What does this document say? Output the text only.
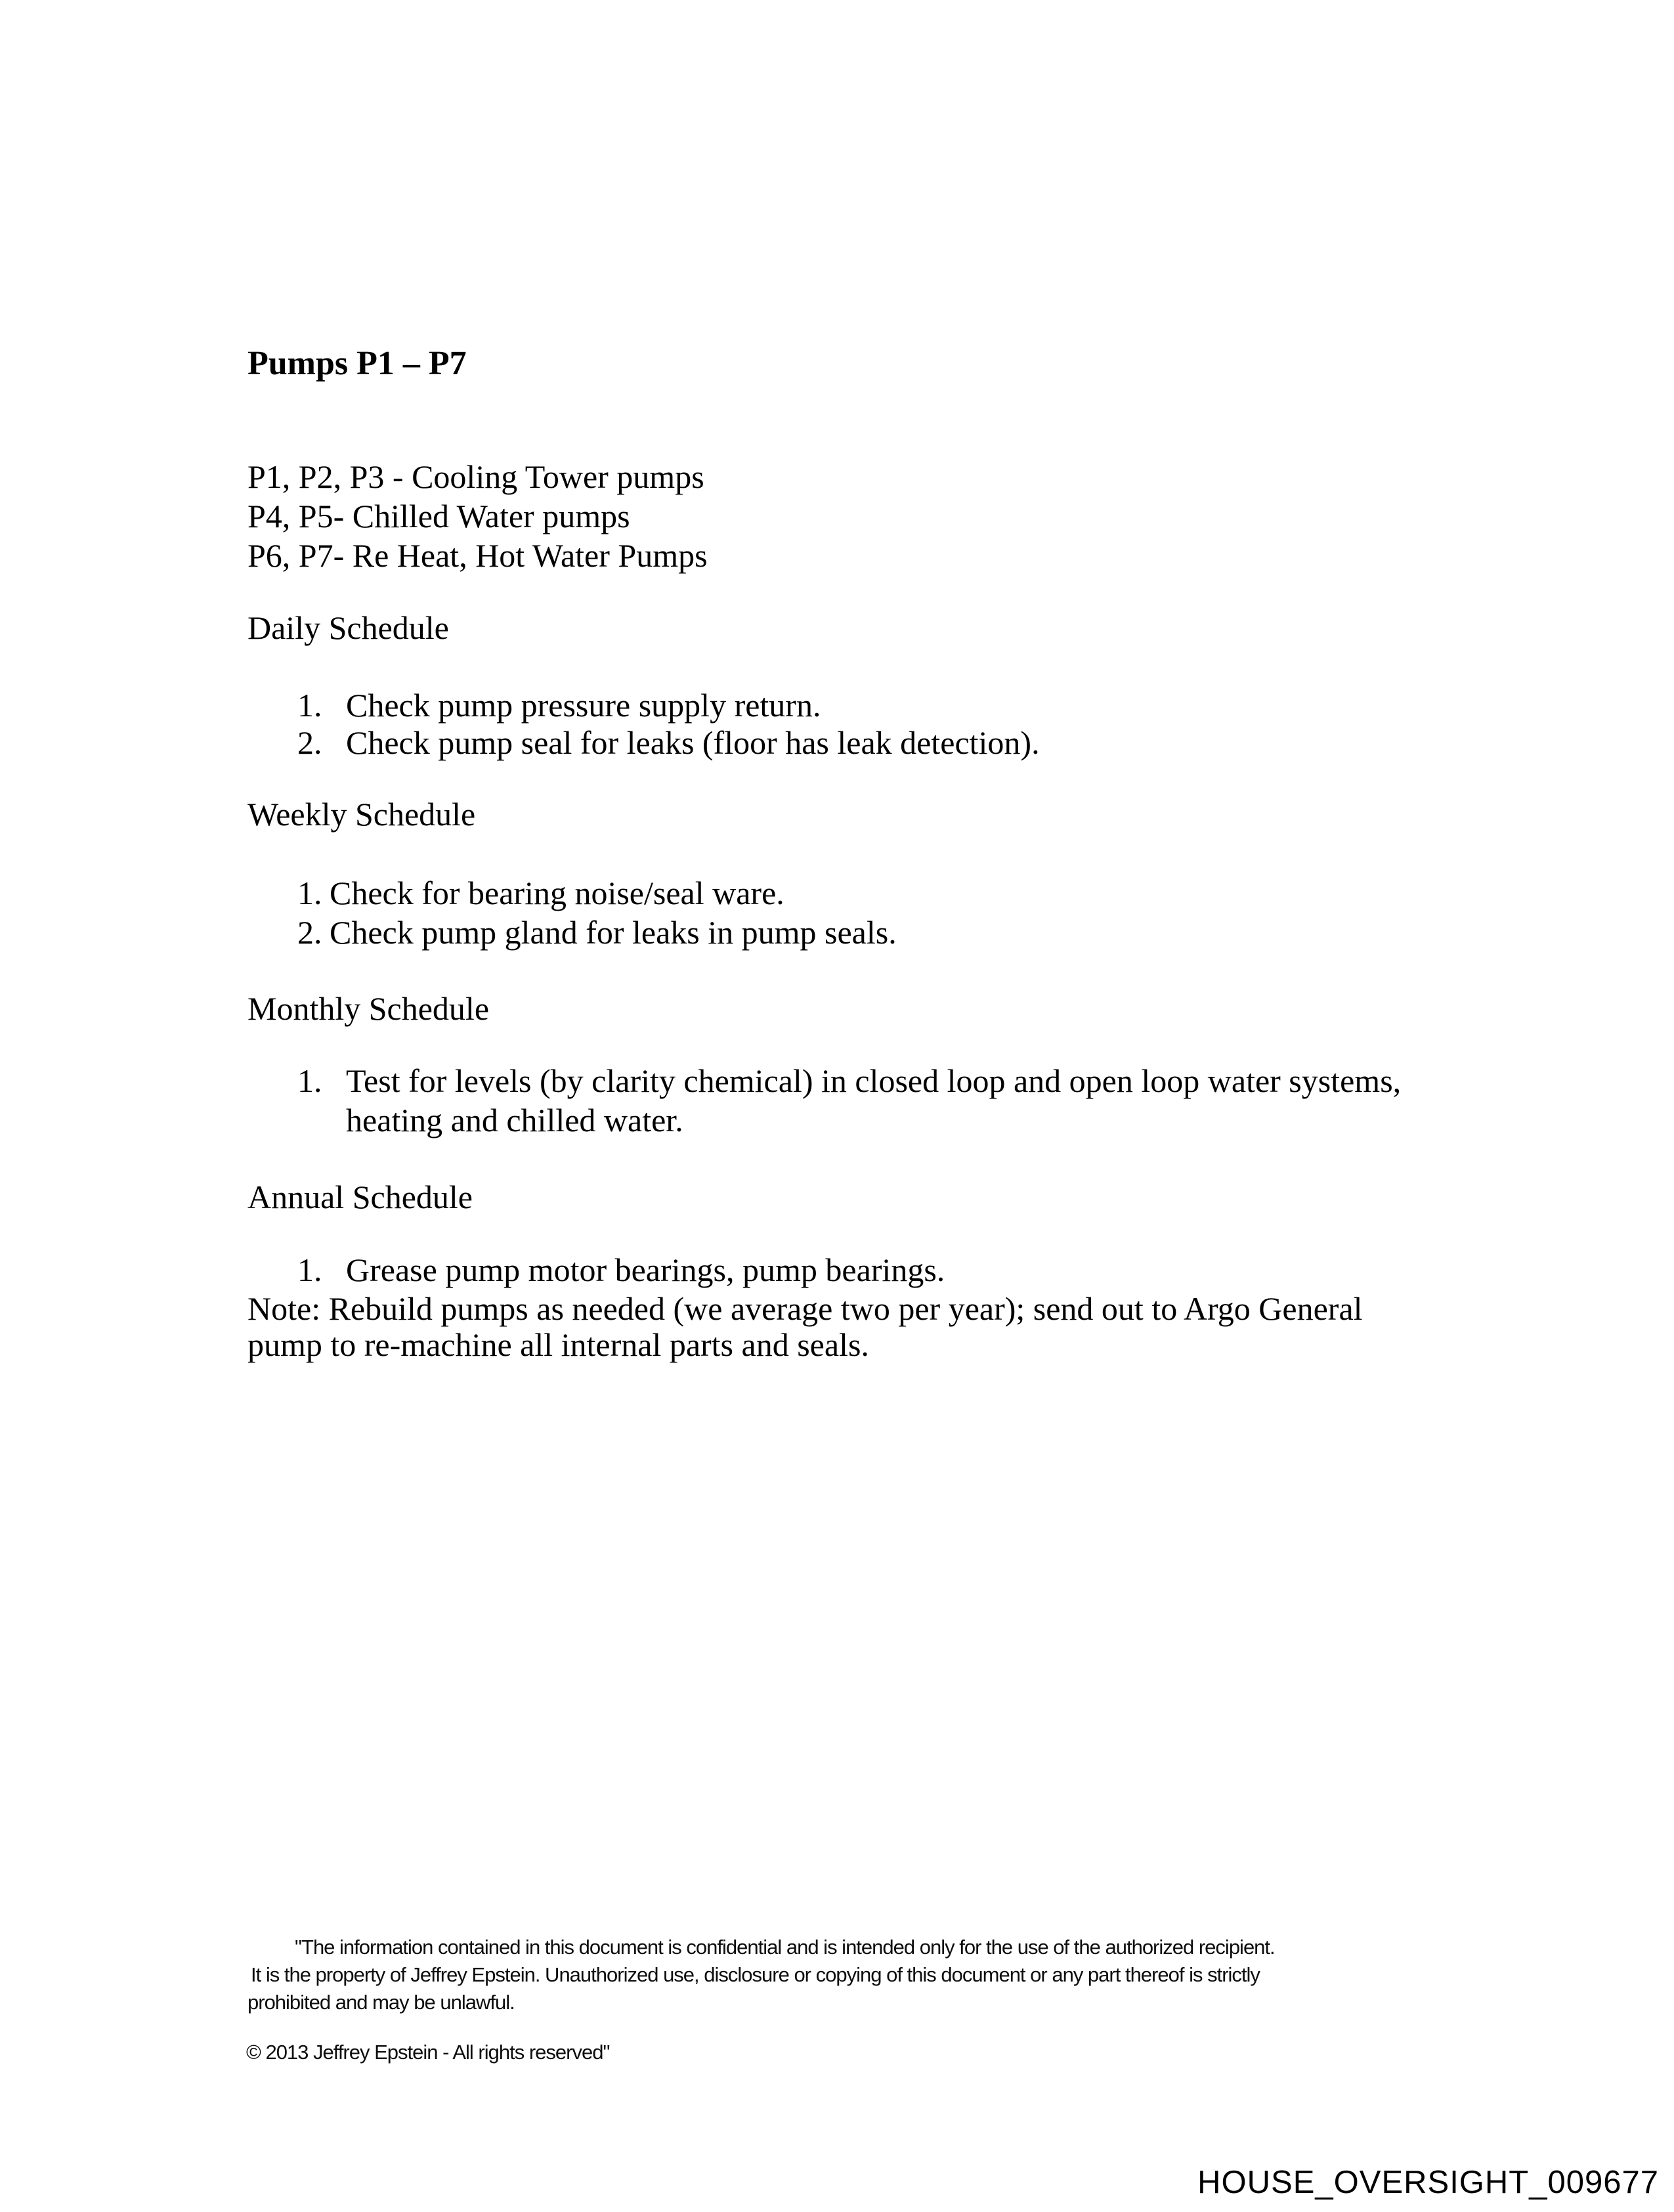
Pumps P1 – P7
P1, P2, P3 - Cooling Tower pumps
P4, P5- Chilled Water pumps
P6, P7- Re Heat, Hot Water Pumps
Daily Schedule
1. Check pump pressure supply return.
2. Check pump seal for leaks (floor has leak detection).
Weekly Schedule
1. Check for bearing noise/seal ware.
2. Check pump gland for leaks in pump seals.
Monthly Schedule
1. Test for levels (by clarity chemical) in closed loop and open loop water systems,
heating and chilled water.
Annual Schedule
1. Grease pump motor bearings, pump bearings.
Note: Rebuild pumps as needed (we average two per year); send out to Argo General
pump to re-machine all internal parts and seals.
"The information contained in this document is confidential and is intended only for the use of the authorized recipient.
It is the property of Jeffrey Epstein. Unauthorized use, disclosure or copying of this document or any part thereof is strictly
prohibited and may be unlawful.
© 2013 Jeffrey Epstein - All rights reserved"
HOUSE_OVERSIGHT_009677
